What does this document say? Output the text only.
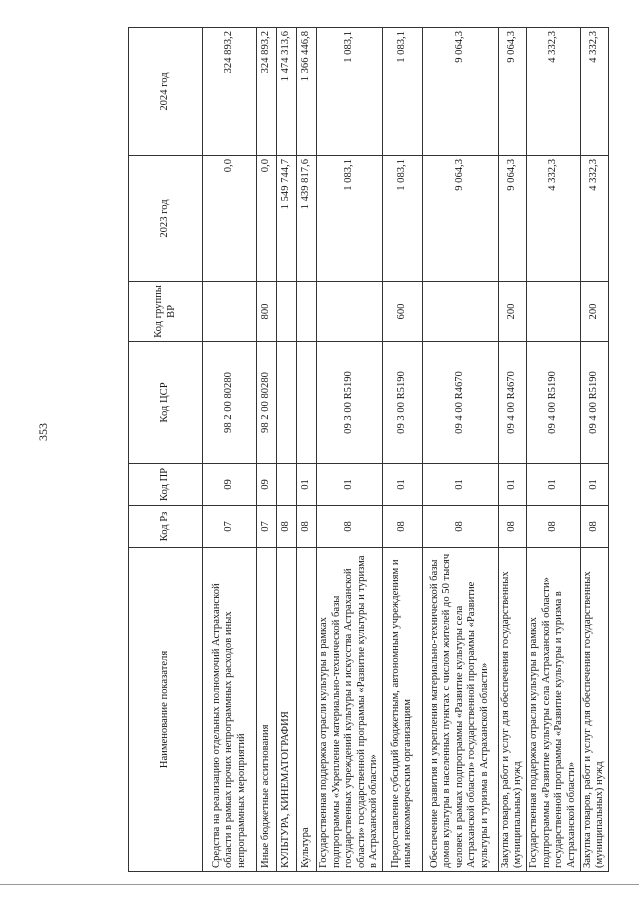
353
Наименование показателя	Код Рз	Код ПР	Код ЦСР	Код группы ВР	2023 год	2024 год
Средства на реализацию отдельных полномочий Астраханской области в рамках прочих непрограммных расходов иных непрограммных мероприятий	07	09	98 2 00 80280		0,0	324 893,2
Иные бюджетные ассигнования	07	09	98 2 00 80280	800	0,0	324 893,2
КУЛЬТУРА, КИНЕМАТОГРАФИЯ	08				1 549 744,7	1 474 313,6
Культура	08	01			1 439 817,6	1 366 446,8
Государственная поддержка отрасли культуры в рамках подпрограммы «Укрепление материально-технической базы государственных учреждений культуры и искусства Астраханской области» государственной программы «Развитие культуры и туризма в Астраханской области»	08	01	09 3 00 R5190		1 083,1	1 083,1
Предоставление субсидий бюджетным, автономным учреждениям и иным некоммерческим организациям	08	01	09 3 00 R5190	600	1 083,1	1 083,1
Обеспечение развития и укрепления материально-технической базы домов культуры в населенных пунктах с числом жителей до 50 тысяч человек в рамках подпрограммы «Развитие культуры села Астраханской области» государственной программы «Развитие культуры и туризма в Астраханской области»	08	01	09 4 00 R4670		9 064,3	9 064,3
Закупка товаров, работ и услуг для обеспечения государственных (муниципальных) нужд	08	01	09 4 00 R4670	200	9 064,3	9 064,3
Государственная поддержка отрасли культуры в рамках подпрограммы «Развитие культуры села Астраханской области» государственной программы «Развитие культуры и туризма в Астраханской области»	08	01	09 4 00 R5190		4 332,3	4 332,3
Закупка товаров, работ и услуг для обеспечения государственных (муниципальных) нужд	08	01	09 4 00 R5190	200	4 332,3	4 332,3
